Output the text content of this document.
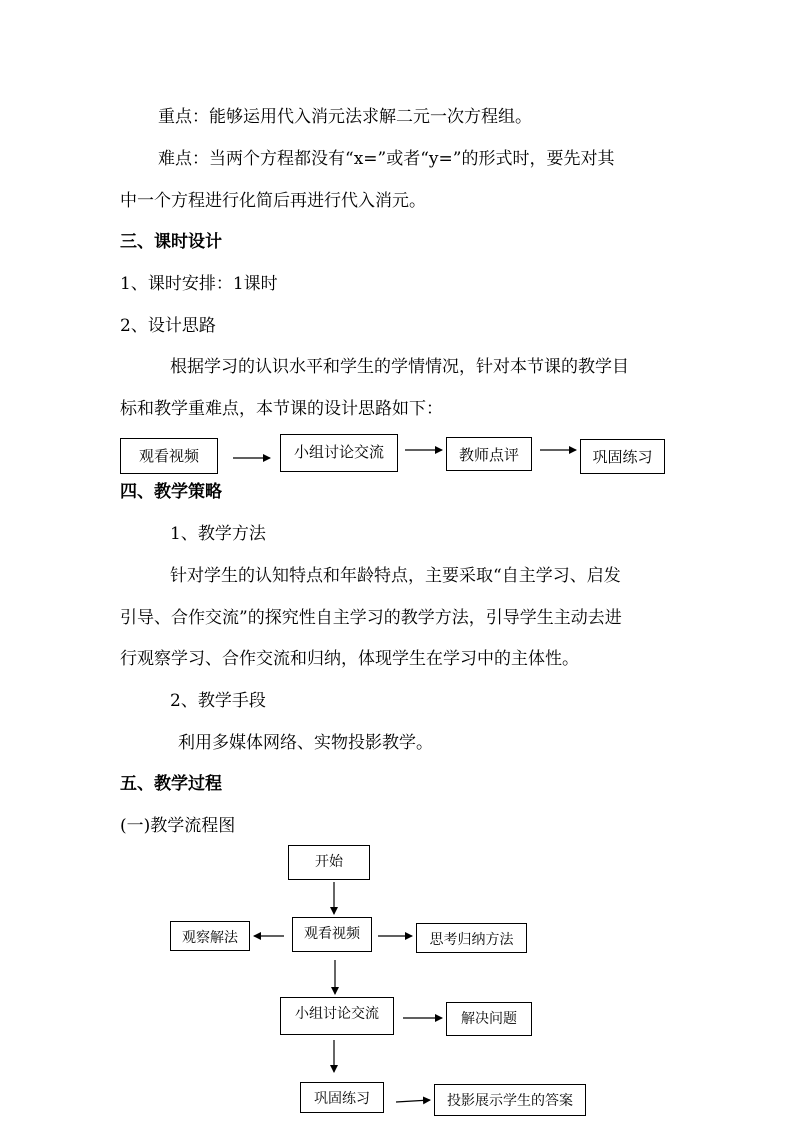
重点：能够运用代入消元法求解二元一次方程组。
难点：当两个方程都没有“x=”或者“y=”的形式时，要先对其
中一个方程进行化简后再进行代入消元。
三、课时设计
1、课时安排：1课时
2、设计思路
根据学习的认识水平和学生的学情情况，针对本节课的教学目
标和教学重难点，本节课的设计思路如下：
观看视频	小组讨论交流	教师点评	巩固练习
四、教学策略
1、教学方法
针对学生的认知特点和年龄特点，主要采取“自主学习、启发
引导、合作交流”的探究性自主学习的教学方法，引导学生主动去进
行观察学习、合作交流和归纳，体现学生在学习中的主体性。
2、教学手段
利用多媒体网络、实物投影教学。
五、教学过程
(一)教学流程图
开始
观看视频
观察解法	思考归纳方法
小组讨论交流	解决问题
巩固练习	投影展示学生的答案
